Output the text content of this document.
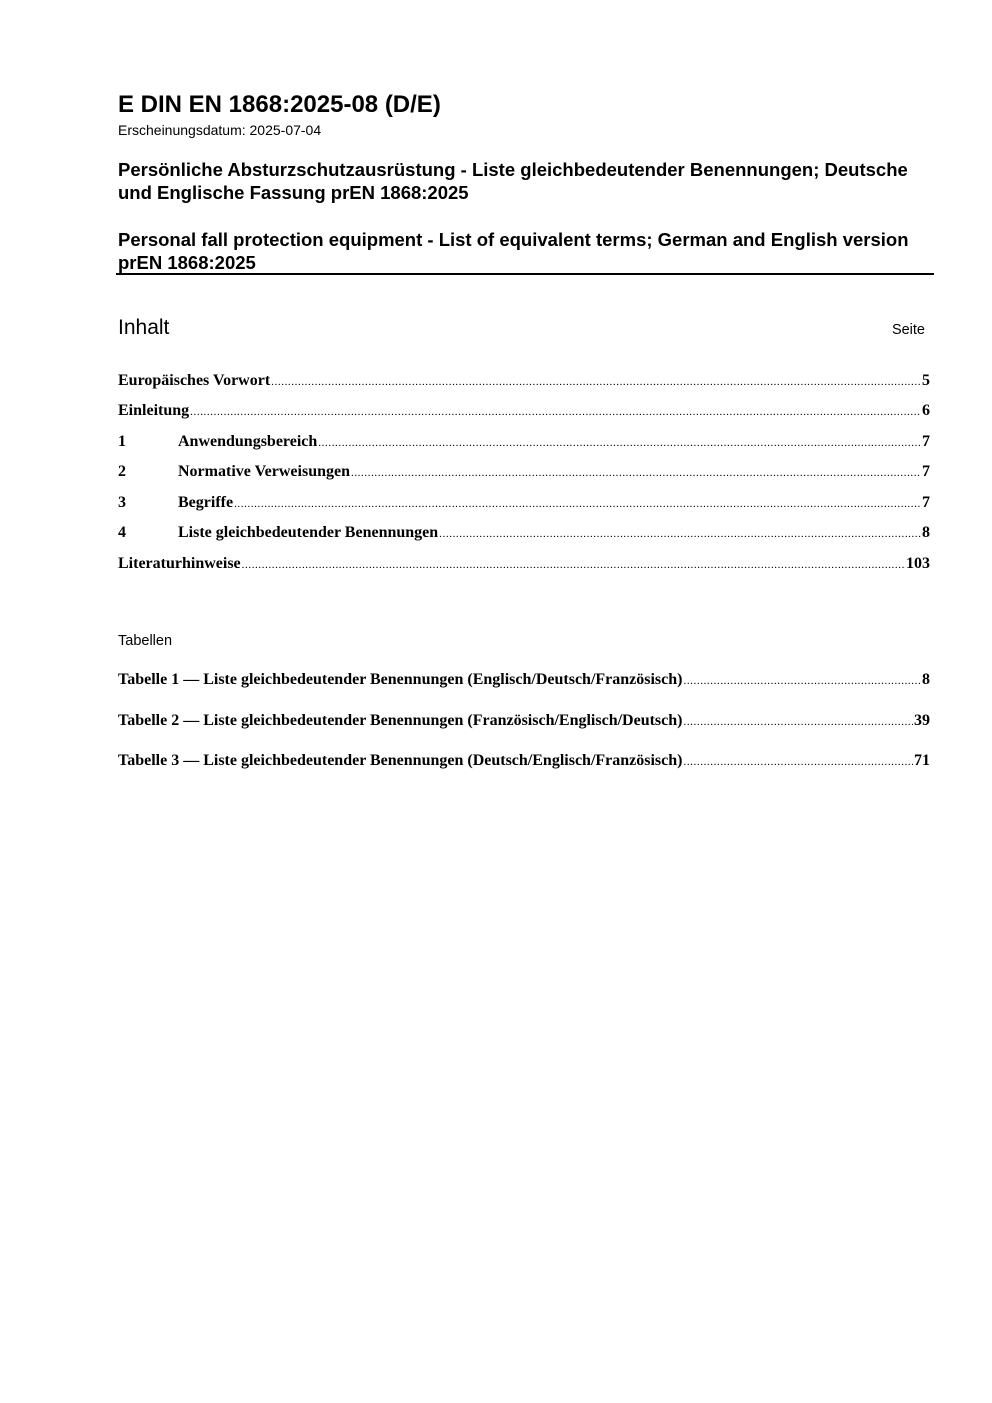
E DIN EN 1868:2025-08 (D/E)
Erscheinungsdatum: 2025-07-04
Persönliche Absturzschutzausrüstung - Liste gleichbedeutender Benennungen; Deutsche und Englische Fassung prEN 1868:2025
Personal fall protection equipment - List of equivalent terms; German and English version prEN 1868:2025
Inhalt	Seite
Europäisches Vorwort .....	5
Einleitung .....	6
1	Anwendungsbereich .....	7
2	Normative Verweisungen .....	7
3	Begriffe .....	7
4	Liste gleichbedeutender Benennungen .....	8
Literaturhinweise .....	103
Tabellen
Tabelle 1 — Liste gleichbedeutender Benennungen (Englisch/Deutsch/Französisch) .....	8
Tabelle 2 — Liste gleichbedeutender Benennungen (Französisch/Englisch/Deutsch) .....	39
Tabelle 3 — Liste gleichbedeutender Benennungen (Deutsch/Englisch/Französisch) .....	71
